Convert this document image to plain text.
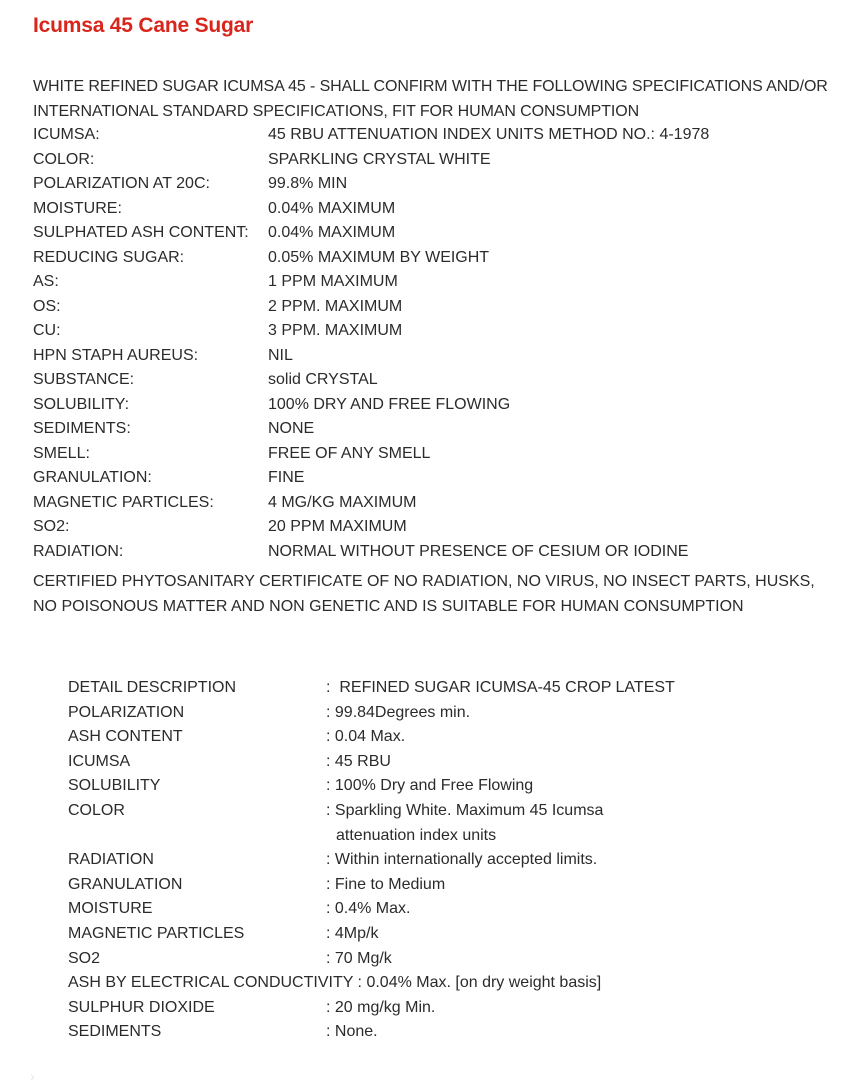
Icumsa 45 Cane Sugar
WHITE REFINED SUGAR ICUMSA 45 - SHALL CONFIRM WITH THE FOLLOWING SPECIFICATIONS AND/OR INTERNATIONAL STANDARD SPECIFICATIONS, FIT FOR HUMAN CONSUMPTION
ICUMSA:	45 RBU ATTENUATION INDEX UNITS METHOD NO.: 4-1978
COLOR:	SPARKLING CRYSTAL WHITE
POLARIZATION AT 20C:	99.8% MIN
MOISTURE:	0.04% MAXIMUM
SULPHATED ASH CONTENT: 0.04% MAXIMUM
REDUCING SUGAR:	0.05% MAXIMUM BY WEIGHT
AS:	1 PPM MAXIMUM
OS:	2 PPM. MAXIMUM
CU:	3 PPM. MAXIMUM
HPN STAPH AUREUS:	NIL
SUBSTANCE:	solid CRYSTAL
SOLUBILITY:	100% DRY AND FREE FLOWING
SEDIMENTS:	NONE
SMELL:	FREE OF ANY SMELL
GRANULATION:	FINE
MAGNETIC PARTICLES:	4 MG/KG MAXIMUM
SO2:	20 PPM MAXIMUM
RADIATION:	NORMAL WITHOUT PRESENCE OF CESIUM OR IODINE
CERTIFIED PHYTOSANITARY CERTIFICATE OF NO RADIATION, NO VIRUS, NO INSECT PARTS, HUSKS, NO POISONOUS MATTER AND NON GENETIC AND IS SUITABLE FOR HUMAN CONSUMPTION
DETAIL DESCRIPTION	:  REFINED SUGAR ICUMSA-45 CROP LATEST
POLARIZATION	: 99.84Degrees min.
ASH CONTENT	: 0.04 Max.
ICUMSA	: 45 RBU
SOLUBILITY	: 100% Dry and Free Flowing
COLOR	: Sparkling White. Maximum 45 Icumsa
attenuation index units
RADIATION	: Within internationally accepted limits.
GRANULATION	: Fine to Medium
MOISTURE	: 0.4% Max.
MAGNETIC PARTICLES	: 4Mp/k
SO2	: 70 Mg/k
ASH BY ELECTRICAL CONDUCTIVITY : 0.04% Max. [on dry weight basis]
SULPHUR DIOXIDE	: 20 mg/kg Min.
SEDIMENTS	: None.
›
